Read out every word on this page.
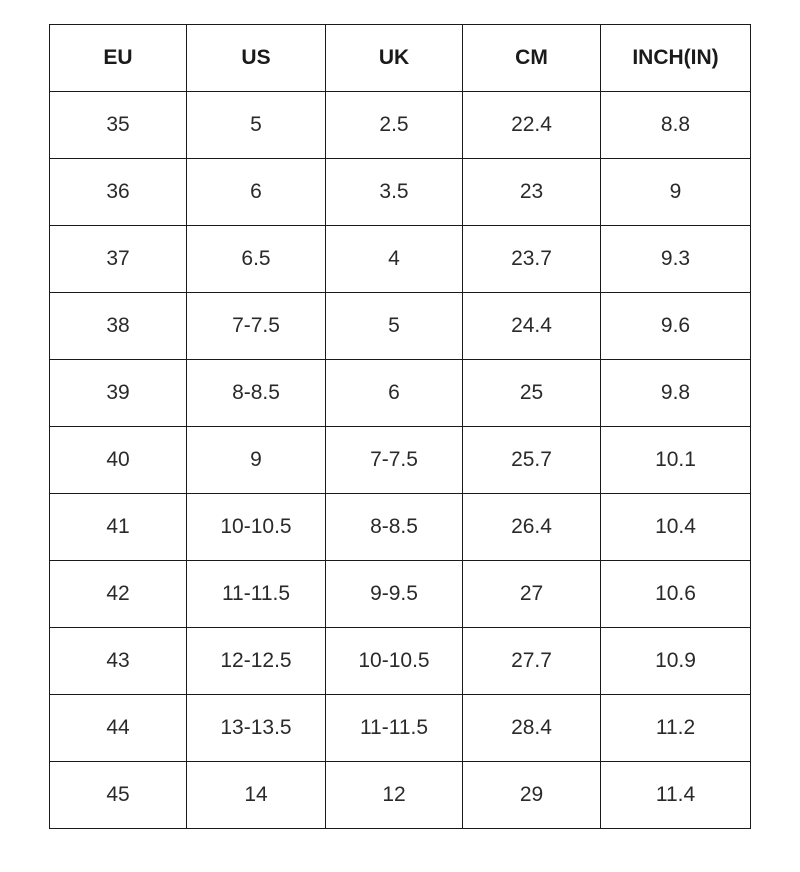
EU	US	UK	CM	INCH(IN)
35	5	2.5	22.4	8.8
36	6	3.5	23	9
37	6.5	4	23.7	9.3
38	7-7.5	5	24.4	9.6
39	8-8.5	6	25	9.8
40	9	7-7.5	25.7	10.1
41	10-10.5	8-8.5	26.4	10.4
42	11-11.5	9-9.5	27	10.6
43	12-12.5	10-10.5	27.7	10.9
44	13-13.5	11-11.5	28.4	11.2
45	14	12	29	11.4
